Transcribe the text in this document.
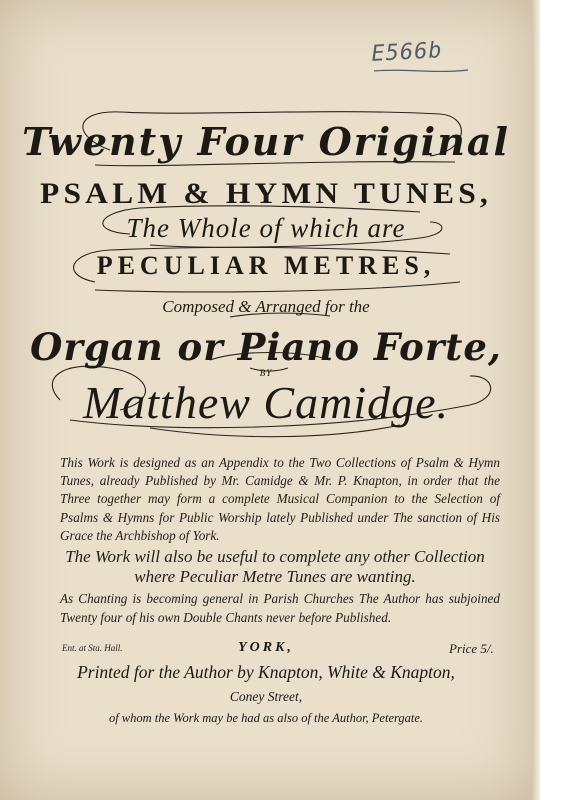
E566b
Twenty Four Original
PSALM & HYMN TUNES,
The Whole of which are
PECULIAR METRES,
Composed & Arranged for the
Organ or Piano Forte,
BY
Matthew Camidge.
This Work is designed as an Appendix to the Two Collections of Psalm & Hymn Tunes, already Published by Mr. Camidge & Mr. P. Knapton, in order that the Three together may form a complete Musical Companion to the Selection of Psalms & Hymns for Public Worship lately Published under The sanction of His Grace the Archbishop of York.
The Work will also be useful to complete any other Collection where Peculiar Metre Tunes are wanting.
As Chanting is becoming general in Parish Churches The Author has subjoined Twenty four of his own Double Chants never before Published.
Ent. at Sta. Hall.	YORK,	Price 5/.
Printed for the Author by Knapton, White & Knapton,
Coney Street,
of whom the Work may be had as also of the Author, Petergate.
